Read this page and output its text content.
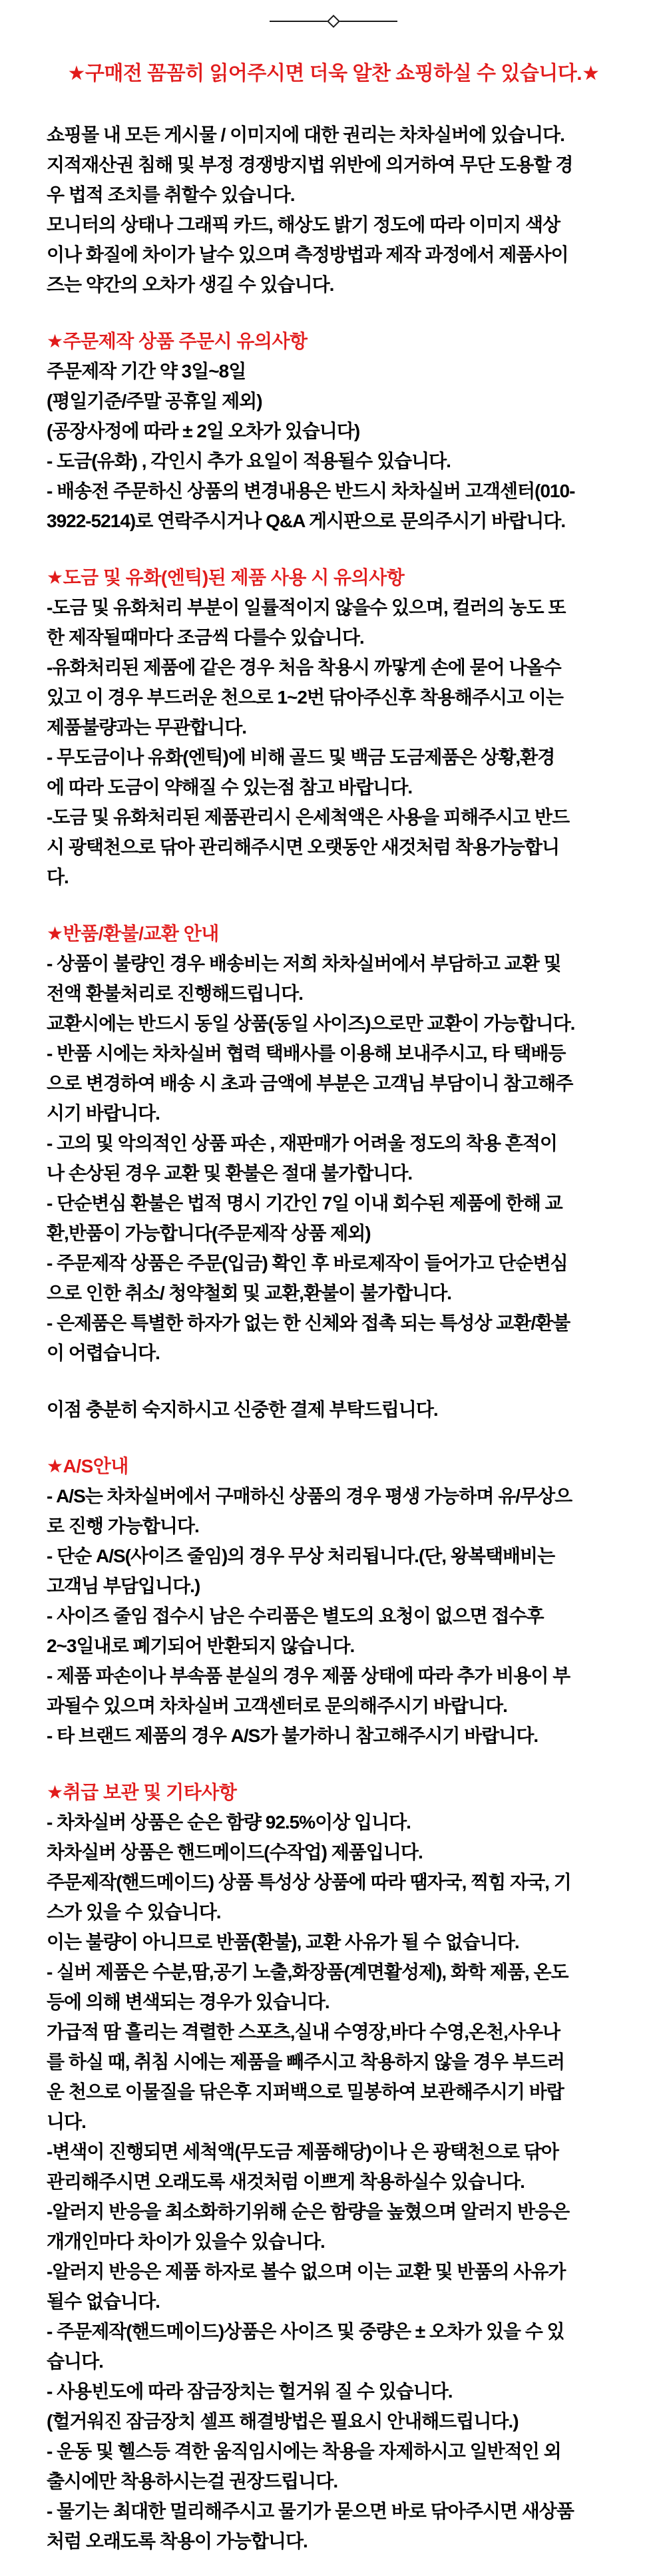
★구매전 꼼꼼히 읽어주시면 더욱 알찬 쇼핑하실 수 있습니다.★
쇼핑몰 내 모든 게시물 / 이미지에 대한 권리는 차차실버에 있습니다.
지적재산권 침해 및 부정 경쟁방지법 위반에 의거하여 무단 도용할 경
우 법적 조치를 취할수 있습니다.
모니터의 상태나 그래픽 카드, 해상도 밝기 정도에 따라 이미지 색상
이나 화질에 차이가 날수 있으며 측정방법과 제작 과정에서 제품사이
즈는 약간의 오차가 생길 수 있습니다.
★주문제작 상품 주문시 유의사항
주문제작 기간 약 3일~8일
(평일기준/주말 공휴일 제외)
(공장사정에 따라 ± 2일 오차가 있습니다)
- 도금(유화) , 각인시 추가 요일이 적용될수 있습니다.
- 배송전 주문하신 상품의 변경내용은 반드시 차차실버 고객센터(010-
3922-5214)로 연락주시거나 Q&A 게시판으로 문의주시기 바랍니다.
★도금 및 유화(엔틱)된 제품 사용 시 유의사항
-도금 및 유화처리 부분이 일률적이지 않을수 있으며, 컬러의 농도 또
한 제작될때마다 조금씩 다를수 있습니다.
-유화처리된 제품에 같은 경우 처음 착용시 까맣게 손에 묻어 나올수
있고 이 경우 부드러운 천으로 1~2번 닦아주신후 착용해주시고 이는
제품불량과는 무관합니다.
- 무도금이나 유화(엔틱)에 비해 골드 및 백금 도금제품은 상황,환경
에 따라 도금이 약해질 수 있는점 참고 바랍니다.
-도금 및 유화처리된 제품관리시 은세척액은 사용을 피해주시고 반드
시 광택천으로 닦아 관리해주시면 오랫동안 새것처럼 착용가능합니
다.
★반품/환불/교환 안내
- 상품이 불량인 경우 배송비는 저희 차차실버에서 부담하고 교환 및
전액 환불처리로 진행해드립니다.
교환시에는 반드시 동일 상품(동일 사이즈)으로만 교환이 가능합니다.
- 반품 시에는 차차실버 협력 택배사를 이용해 보내주시고, 타 택배등
으로 변경하여 배송 시 초과 금액에 부분은 고객님 부담이니 참고해주
시기 바랍니다.
- 고의 및 악의적인 상품 파손 , 재판매가 어려울 정도의 착용 흔적이
나 손상된 경우 교환 및 환불은 절대 불가합니다.
- 단순변심 환불은 법적 명시 기간인 7일 이내 회수된 제품에 한해 교
환,반품이 가능합니다(주문제작 상품 제외)
- 주문제작 상품은 주문(입금) 확인 후 바로제작이 들어가고 단순변심
으로 인한 취소/ 청약철회 및 교환,환불이 불가합니다.
- 은제품은 특별한 하자가 없는 한 신체와 접촉 되는 특성상 교환/환불
이 어렵습니다.
이점 충분히 숙지하시고 신중한 결제 부탁드립니다.
★A/S안내
- A/S는 차차실버에서 구매하신 상품의 경우 평생 가능하며 유/무상으
로 진행 가능합니다.
- 단순 A/S(사이즈 줄임)의 경우 무상 처리됩니다.(단, 왕복택배비는
고객님 부담입니다.)
- 사이즈 줄임 접수시 남은 수리품은 별도의 요청이 없으면 접수후
2~3일내로 폐기되어 반환되지 않습니다.
- 제품 파손이나 부속품 분실의 경우 제품 상태에 따라 추가 비용이 부
과될수 있으며 차차실버 고객센터로 문의해주시기 바랍니다.
- 타 브랜드 제품의 경우 A/S가 불가하니 참고해주시기 바랍니다.
★취급 보관 및 기타사항
- 차차실버 상품은 순은 함량 92.5%이상 입니다.
차차실버 상품은 핸드메이드(수작업) 제품입니다.
주문제작(핸드메이드) 상품 특성상 상품에 따라 땜자국, 찍힘 자국, 기
스가 있을 수 있습니다.
이는 불량이 아니므로 반품(환불), 교환 사유가 될 수 없습니다.
- 실버 제품은 수분,땀,공기 노출,화장품(계면활성제), 화학 제품, 온도
등에 의해 변색되는 경우가 있습니다.
가급적 땀 흘리는 격렬한 스포츠,실내 수영장,바다 수영,온천,사우나
를 하실 때, 취침 시에는 제품을 빼주시고 착용하지 않을 경우 부드러
운 천으로 이물질을 닦은후 지퍼백으로 밀봉하여 보관해주시기 바랍
니다.
-변색이 진행되면 세척액(무도금 제품해당)이나 은 광택천으로 닦아
관리해주시면 오래도록 새것처럼 이쁘게 착용하실수 있습니다.
-알러지 반응을 최소화하기위해 순은 함량을 높혔으며 알러지 반응은
개개인마다 차이가 있을수 있습니다.
-알러지 반응은 제품 하자로 볼수 없으며 이는 교환 및 반품의 사유가
될수 없습니다.
- 주문제작(핸드메이드)상품은 사이즈 및 중량은 ± 오차가 있을 수 있
습니다.
- 사용빈도에 따라 잠금장치는 헐거워 질 수 있습니다.
(헐거워진 잠금장치 셀프 해결방법은 필요시 안내해드립니다.)
- 운동 및 헬스등 격한 움직임시에는 착용을 자제하시고 일반적인 외
출시에만 착용하시는걸 권장드립니다.
- 물기는 최대한 멀리해주시고 물기가 묻으면 바로 닦아주시면 새상품
처럼 오래도록 착용이 가능합니다.
